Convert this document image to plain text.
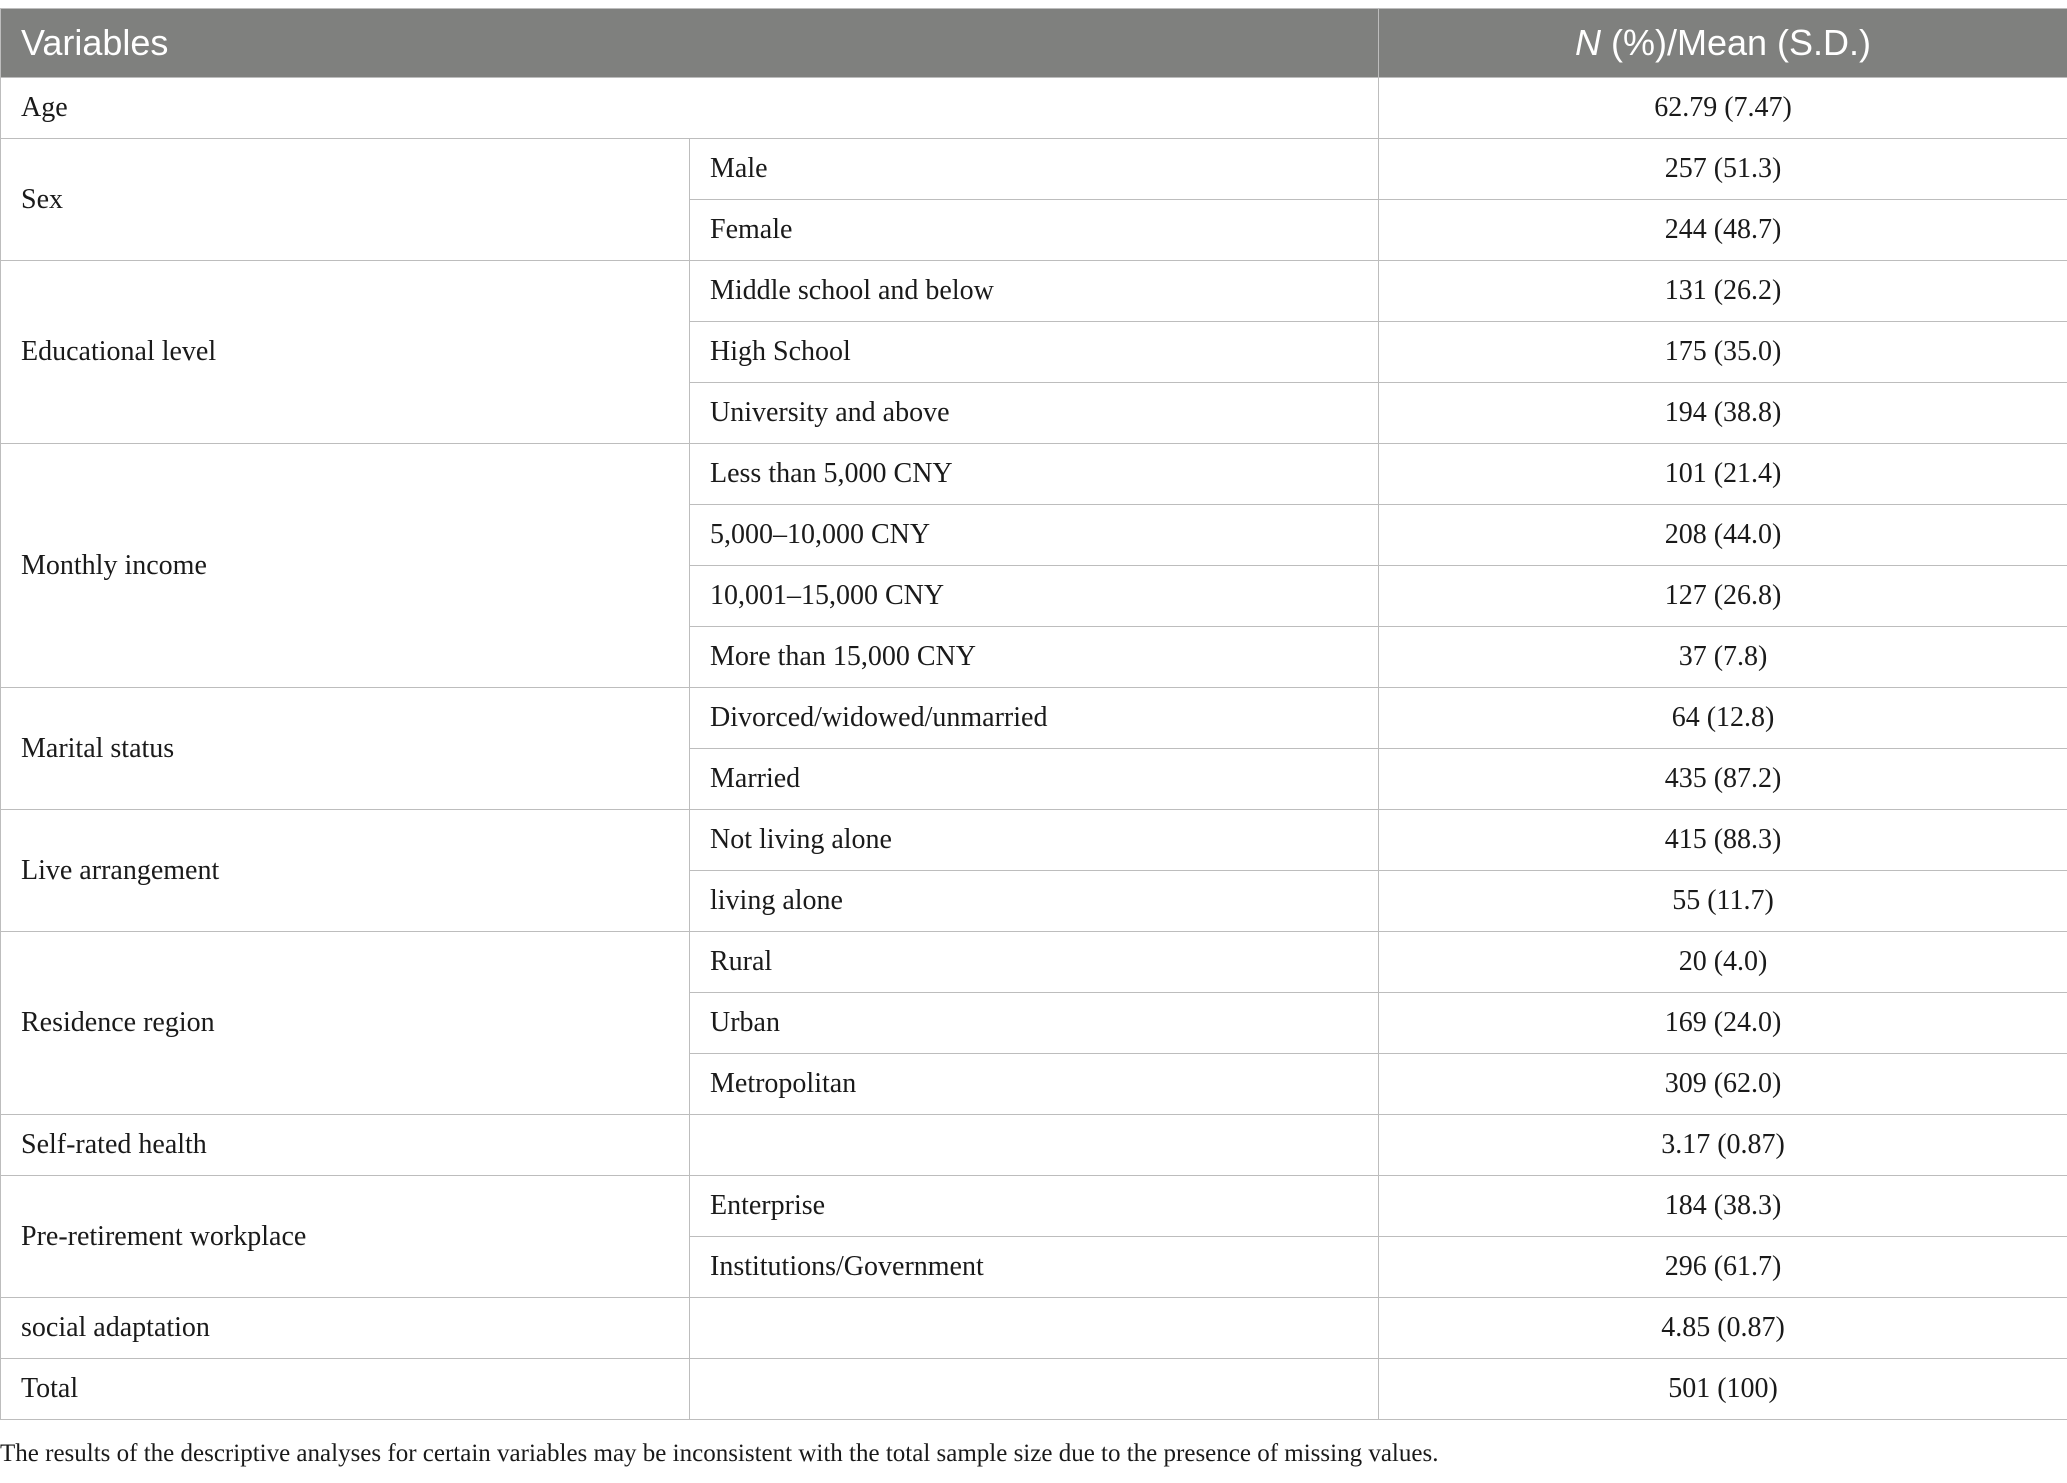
Variables		N (%)/Mean (S.D.)
Age		62.79 (7.47)
Sex	Male	257 (51.3)
	Female	244 (48.7)
Educational level	Middle school and below	131 (26.2)
	High School	175 (35.0)
	University and above	194 (38.8)
Monthly income	Less than 5,000 CNY	101 (21.4)
	5,000–10,000 CNY	208 (44.0)
	10,001–15,000 CNY	127 (26.8)
	More than 15,000 CNY	37 (7.8)
Marital status	Divorced/widowed/unmarried	64 (12.8)
	Married	435 (87.2)
Live arrangement	Not living alone	415 (88.3)
	living alone	55 (11.7)
Residence region	Rural	20 (4.0)
	Urban	169 (24.0)
	Metropolitan	309 (62.0)
Self-rated health		3.17 (0.87)
Pre-retirement workplace	Enterprise	184 (38.3)
	Institutions/Government	296 (61.7)
social adaptation		4.85 (0.87)
Total		501 (100)
The results of the descriptive analyses for certain variables may be inconsistent with the total sample size due to the presence of missing values.
